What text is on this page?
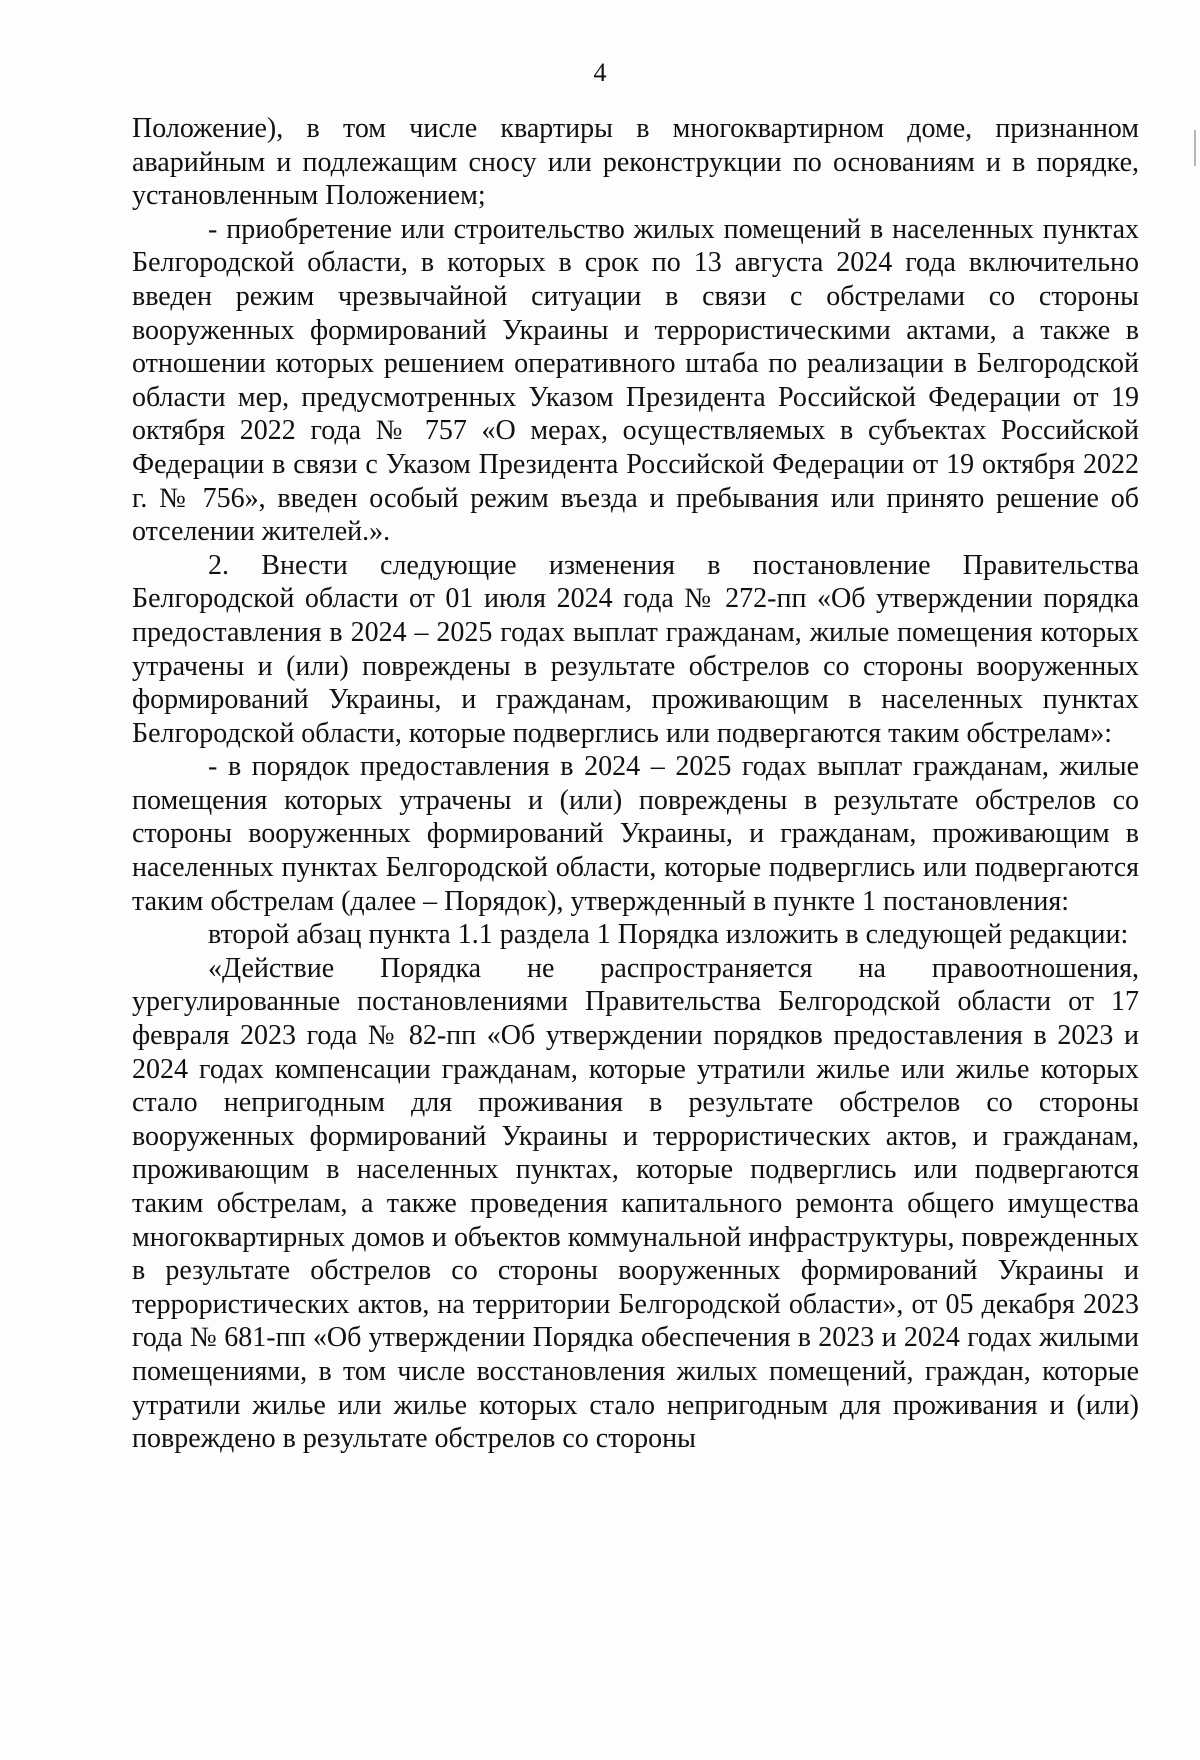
4

Положение), в том числе квартиры в многоквартирном доме, признанном аварийным и подлежащим сносу или реконструкции по основаниям и в порядке, установленным Положением;

- приобретение или строительство жилых помещений в населенных пунктах Белгородской области, в которых в срок по 13 августа 2024 года включительно введен режим чрезвычайной ситуации в связи с обстрелами со стороны вооруженных формирований Украины и террористическими актами, а также в отношении которых решением оперативного штаба по реализации в Белгородской области мер, предусмотренных Указом Президента Российской Федерации от 19 октября 2022 года № 757 «О мерах, осуществляемых в субъектах Российской Федерации в связи с Указом Президента Российской Федерации от 19 октября 2022 г. № 756», введен особый режим въезда и пребывания или принято решение об отселении жителей.».

2. Внести следующие изменения в постановление Правительства Белгородской области от 01 июля 2024 года № 272-пп «Об утверждении порядка предоставления в 2024 – 2025 годах выплат гражданам, жилые помещения которых утрачены и (или) повреждены в результате обстрелов со стороны вооруженных формирований Украины, и гражданам, проживающим в населенных пунктах Белгородской области, которые подверглись или подвергаются таким обстрелам»:

- в порядок предоставления в 2024 – 2025 годах выплат гражданам, жилые помещения которых утрачены и (или) повреждены в результате обстрелов со стороны вооруженных формирований Украины, и гражданам, проживающим в населенных пунктах Белгородской области, которые подверглись или подвергаются таким обстрелам (далее – Порядок), утвержденный в пункте 1 постановления:

второй абзац пункта 1.1 раздела 1 Порядка изложить в следующей редакции:

«Действие Порядка не распространяется на правоотношения, урегулированные постановлениями Правительства Белгородской области от 17 февраля 2023 года № 82-пп «Об утверждении порядков предоставления в 2023 и 2024 годах компенсации гражданам, которые утратили жилье или жилье которых стало непригодным для проживания в результате обстрелов со стороны вооруженных формирований Украины и террористических актов, и гражданам, проживающим в населенных пунктах, которые подверглись или подвергаются таким обстрелам, а также проведения капитального ремонта общего имущества многоквартирных домов и объектов коммунальной инфраструктуры, поврежденных в результате обстрелов со стороны вооруженных формирований Украины и террористических актов, на территории Белгородской области», от 05 декабря 2023 года № 681-пп «Об утверждении Порядка обеспечения в 2023 и 2024 годах жилыми помещениями, в том числе восстановления жилых помещений, граждан, которые утратили жилье или жилье которых стало непригодным для проживания и (или) повреждено в результате обстрелов со стороны
